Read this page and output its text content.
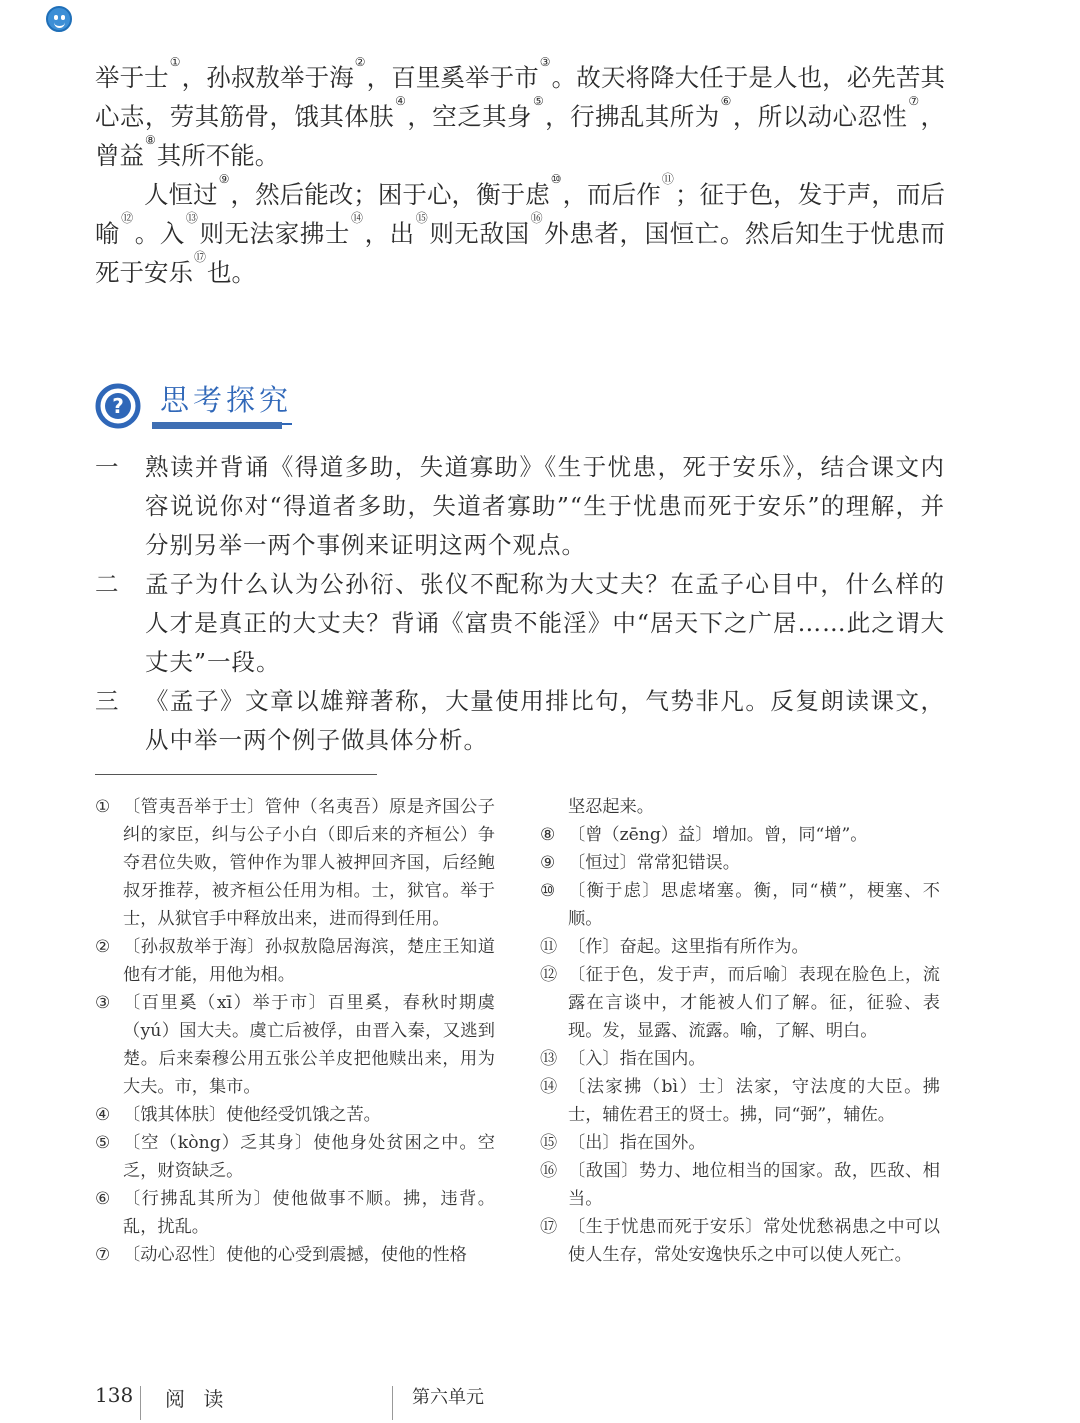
举于士①，孙叔敖举于海②，百里奚举于市③。故天将降大任于是人也，必先苦其心志，劳其筋骨，饿其体肤④，空乏其身⑤，行拂乱其所为⑥，所以动心忍性⑦，曾益⑧其所不能。

人恒过⑨，然后能改；困于心，衡于虑⑩，而后作⑪；征于色，发于声，而后喻⑫。入⑬则无法家拂士⑭，出⑮则无敌国⑯外患者，国恒亡。然后知生于忧患而死于安乐⑰也。

? 思考探究
一	熟读并背诵《得道多助，失道寡助》《生于忧患，死于安乐》，结合课文内容说说你对“得道者多助，失道者寡助”“生于忧患而死于安乐”的理解，并分别另举一两个事例来证明这两个观点。
二	孟子为什么认为公孙衍、张仪不配称为大丈夫？在孟子心目中，什么样的人才是真正的大丈夫？背诵《富贵不能淫》中“居天下之广居……此之谓大丈夫”一段。
三	《孟子》文章以雄辩著称，大量使用排比句，气势非凡。反复朗读课文，从中举一两个例子做具体分析。
① 〔管夷吾举于士〕管仲（名夷吾）原是齐国公子纠的家臣，纠与公子小白（即后来的齐桓公）争夺君位失败，管仲作为罪人被押回齐国，后经鲍叔牙推荐，被齐桓公任用为相。士，狱官。举于士，从狱官手中释放出来，进而得到任用。
② 〔孙叔敖举于海〕孙叔敖隐居海滨，楚庄王知道他有才能，用他为相。
③ 〔百里奚（xī）举于市〕百里奚，春秋时期虞（yú）国大夫。虞亡后被俘，由晋入秦，又逃到楚。后来秦穆公用五张公羊皮把他赎出来，用为大夫。市，集市。
④ 〔饿其体肤〕使他经受饥饿之苦。
⑤ 〔空（kòng）乏其身〕使他身处贫困之中。空乏，财资缺乏。
⑥ 〔行拂乱其所为〕使他做事不顺。拂，违背。乱，扰乱。
⑦ 〔动心忍性〕使他的心受到震撼，使他的性格
坚忍起来。
⑧ 〔曾（zēng）益〕增加。曾，同“增”。
⑨ 〔恒过〕常常犯错误。
⑩ 〔衡于虑〕思虑堵塞。衡，同“横”，梗塞、不顺。
⑪ 〔作〕奋起。这里指有所作为。
⑫ 〔征于色，发于声，而后喻〕表现在脸色上，流露在言谈中，才能被人们了解。征，征验、表现。发，显露、流露。喻，了解、明白。
⑬ 〔入〕指在国内。
⑭ 〔法家拂（bì）士〕法家，守法度的大臣。拂士，辅佐君王的贤士。拂，同“弼”，辅佐。
⑮ 〔出〕指在国外。
⑯ 〔敌国〕势力、地位相当的国家。敌，匹敌、相当。
⑰ 〔生于忧患而死于安乐〕常处忧愁祸患之中可以使人生存，常处安逸快乐之中可以使人死亡。
138 阅 读	第六单元
